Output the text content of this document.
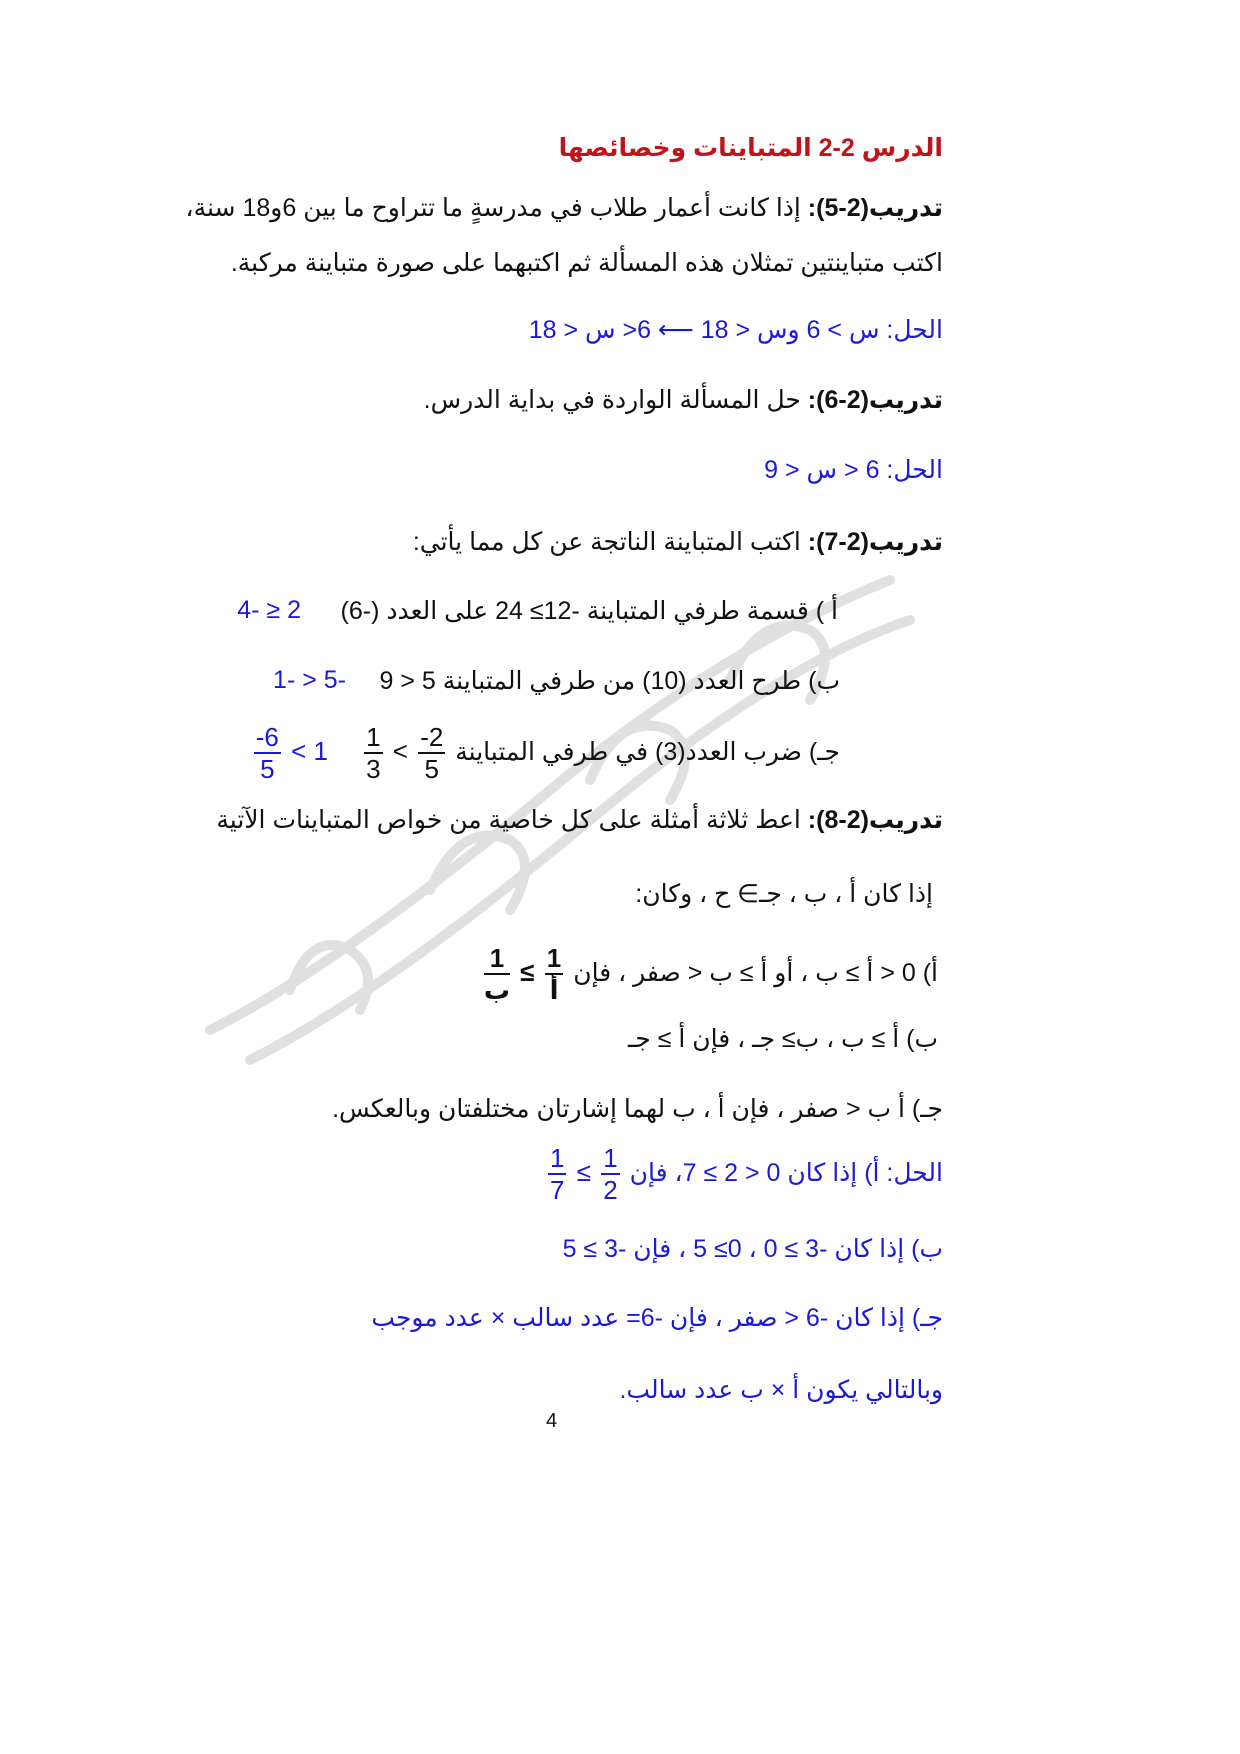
الدرس 2-2 المتباينات وخصائصها
تدريب(2-5): إذا كانت أعمار طلاب في مدرسةٍ ما تتراوح ما بين 6و18 سنة،
اكتب متباينتين تمثلان هذه المسألة ثم اكتبهما على صورة متباينة مركبة.
الحل: س > 6 وس < 18 ⟵ 6< س < 18
تدريب(2-6): حل المسألة الواردة في بداية الدرس.
الحل: 6 < س < 9
تدريب(2-7): اكتب المتباينة الناتجة عن كل مما يأتي:
أ ) قسمة طرفي المتباينة -12≥ 24 على العدد (-6)
2 ≤ -4
ب) طرح العدد (10) من طرفي المتباينة 5 < 9
-5 < -1
جـ) ضرب العدد(3) في طرفي المتباينة
$\frac{1}{3} < \frac{-2}{5}$
$\frac{-6}{5} < 1$
تدريب(2-8): اعط ثلاثة أمثلة على كل خاصية من خواص المتباينات الآتية
إذا كان أ ، ب ، جـ∋ ح ، وكان:
أ) 0 < أ ≥ ب ، أو أ ≥ ب < صفر ، فإن
$\frac{1}{\text{ب}} \le \frac{1}{\text{أ}}$
ب) أ ≥ ب ، ب≥ جـ ، فإن أ ≥ جـ
جـ) أ ب < صفر ، فإن أ ، ب لهما إشارتان مختلفتان وبالعكس.
الحل: أ) إذا كان 0 < 2 ≥ 7، فإن
$\frac{1}{7} \le \frac{1}{2}$
ب) إذا كان -3 ≥ 0 ، 0≥ 5 ، فإن -3 ≥ 5
جـ) إذا كان -6 < صفر ، فإن -6= عدد سالب × عدد موجب
وبالتالي يكون أ × ب عدد سالب.
4
